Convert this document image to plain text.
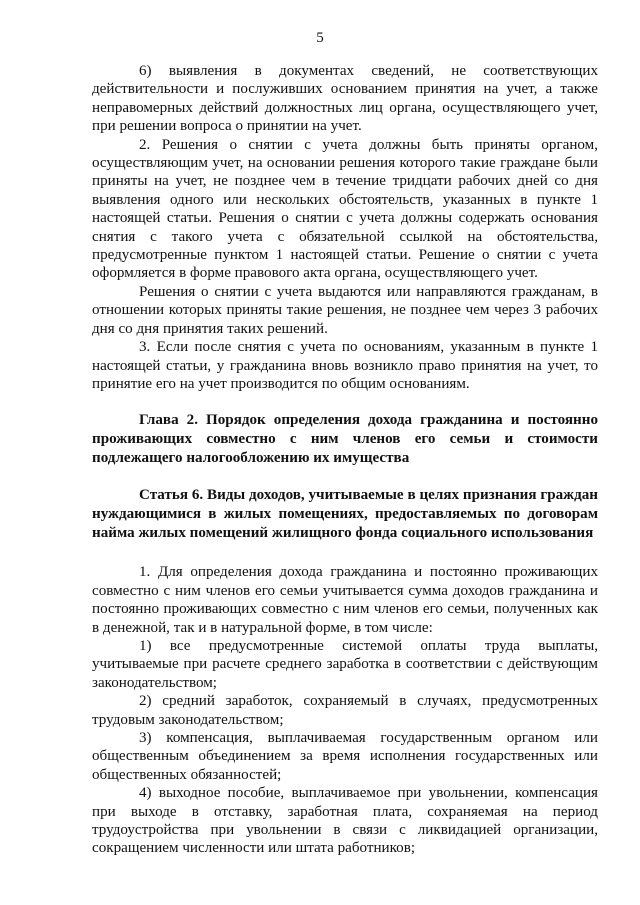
5

6) выявления в документах сведений, не соответствующих действительности и послуживших основанием принятия на учет, а также неправомерных действий должностных лиц органа, осуществляющего учет, при решении вопроса о принятии на учет.

2. Решения о снятии с учета должны быть приняты органом, осуществляющим учет, на основании решения которого такие граждане были приняты на учет, не позднее чем в течение тридцати рабочих дней со дня выявления одного или нескольких обстоятельств, указанных в пункте 1 настоящей статьи. Решения о снятии с учета должны содержать основания снятия с такого учета с обязательной ссылкой на обстоятельства, предусмотренные пунктом 1 настоящей статьи. Решение о снятии с учета оформляется в форме правового акта органа, осуществляющего учет.

Решения о снятии с учета выдаются или направляются гражданам, в отношении которых приняты такие решения, не позднее чем через 3 рабочих дня со дня принятия таких решений.

3. Если после снятия с учета по основаниям, указанным в пункте 1 настоящей статьи, у гражданина вновь возникло право принятия на учет, то принятие его на учет производится по общим основаниям.

Глава 2. Порядок определения дохода гражданина и постоянно проживающих совместно с ним членов его семьи и стоимости подлежащего налогообложению их имущества

Статья 6. Виды доходов, учитываемые в целях признания граждан нуждающимися в жилых помещениях, предоставляемых по договорам найма жилых помещений жилищного фонда социального использования

1. Для определения дохода гражданина и постоянно проживающих совместно с ним членов его семьи учитывается сумма доходов гражданина и постоянно проживающих совместно с ним членов его семьи, полученных как в денежной, так и в натуральной форме, в том числе:

1) все предусмотренные системой оплаты труда выплаты, учитываемые при расчете среднего заработка в соответствии с действующим законодательством;

2) средний заработок, сохраняемый в случаях, предусмотренных трудовым законодательством;

3) компенсация, выплачиваемая государственным органом или общественным объединением за время исполнения государственных или общественных обязанностей;

4) выходное пособие, выплачиваемое при увольнении, компенсация при выходе в отставку, заработная плата, сохраняемая на период трудоустройства при увольнении в связи с ликвидацией организации, сокращением численности или штата работников;
